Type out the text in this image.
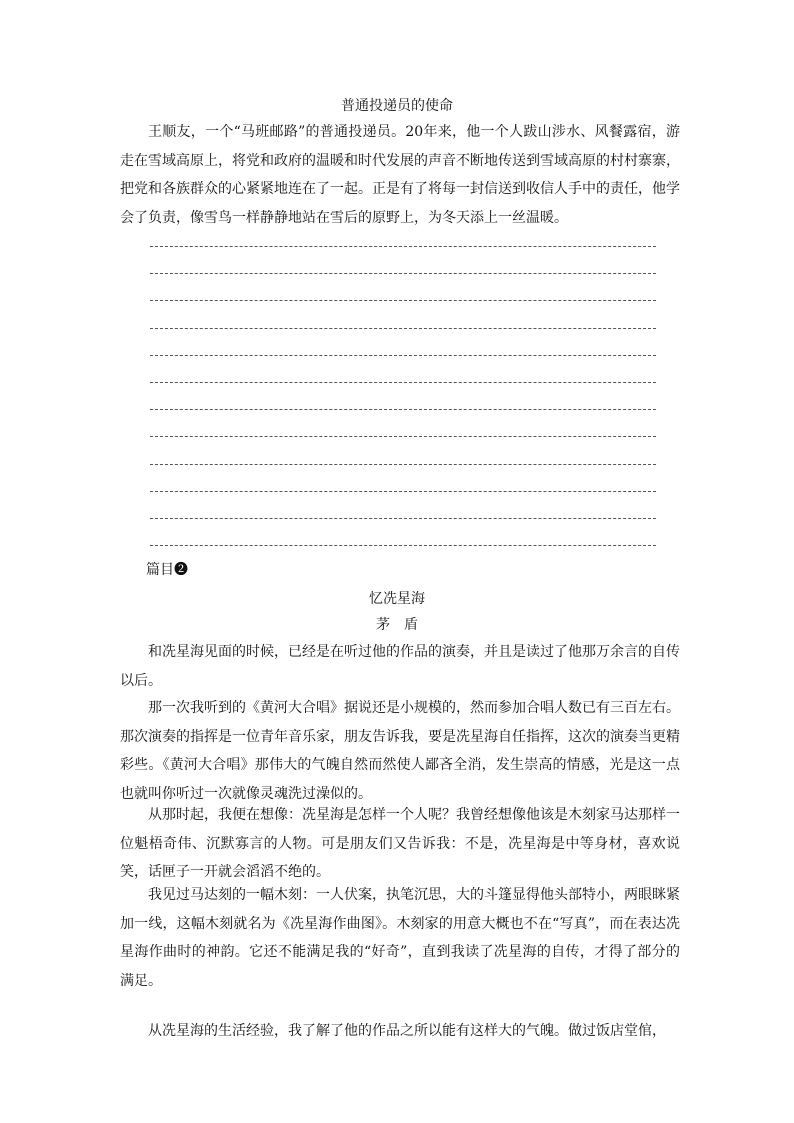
普通投递员的使命

王顺友，一个“马班邮路”的普通投递员。20年来，他一个人跋山涉水、风餐露宿，游走在雪域高原上，将党和政府的温暖和时代发展的声音不断地传送到雪域高原的村村寨寨，把党和各族群众的心紧紧地连在了一起。正是有了将每一封信送到收信人手中的责任，他学会了负责，像雪鸟一样静静地站在雪后的原野上，为冬天添上一丝温暖。

篇目❷
忆冼星海
茅盾

和冼星海见面的时候，已经是在听过他的作品的演奏，并且是读过了他那万余言的自传以后。

那一次我听到的《黄河大合唱》据说还是小规模的，然而参加合唱人数已有三百左右。那次演奏的指挥是一位青年音乐家，朋友告诉我，要是冼星海自任指挥，这次的演奏当更精彩些。《黄河大合唱》那伟大的气魄自然而然使人鄙吝全消，发生崇高的情感，光是这一点也就叫你听过一次就像灵魂洗过澡似的。

从那时起，我便在想像：冼星海是怎样一个人呢？我曾经想像他该是木刻家马达那样一位魁梧奇伟、沉默寡言的人物。可是朋友们又告诉我：不是，冼星海是中等身材，喜欢说笑，话匣子一开就会滔滔不绝的。

我见过马达刻的一幅木刻：一人伏案，执笔沉思，大的斗篷显得他头部特小，两眼眯紧加一线，这幅木刻就名为《冼星海作曲图》。木刻家的用意大概也不在“写真”，而在表达冼星海作曲时的神韵。它还不能满足我的“好奇”，直到我读了冼星海的自传，才得了部分的满足。

从冼星海的生活经验，我了解了他的作品之所以能有这样大的气魄。做过饭店堂倌，
